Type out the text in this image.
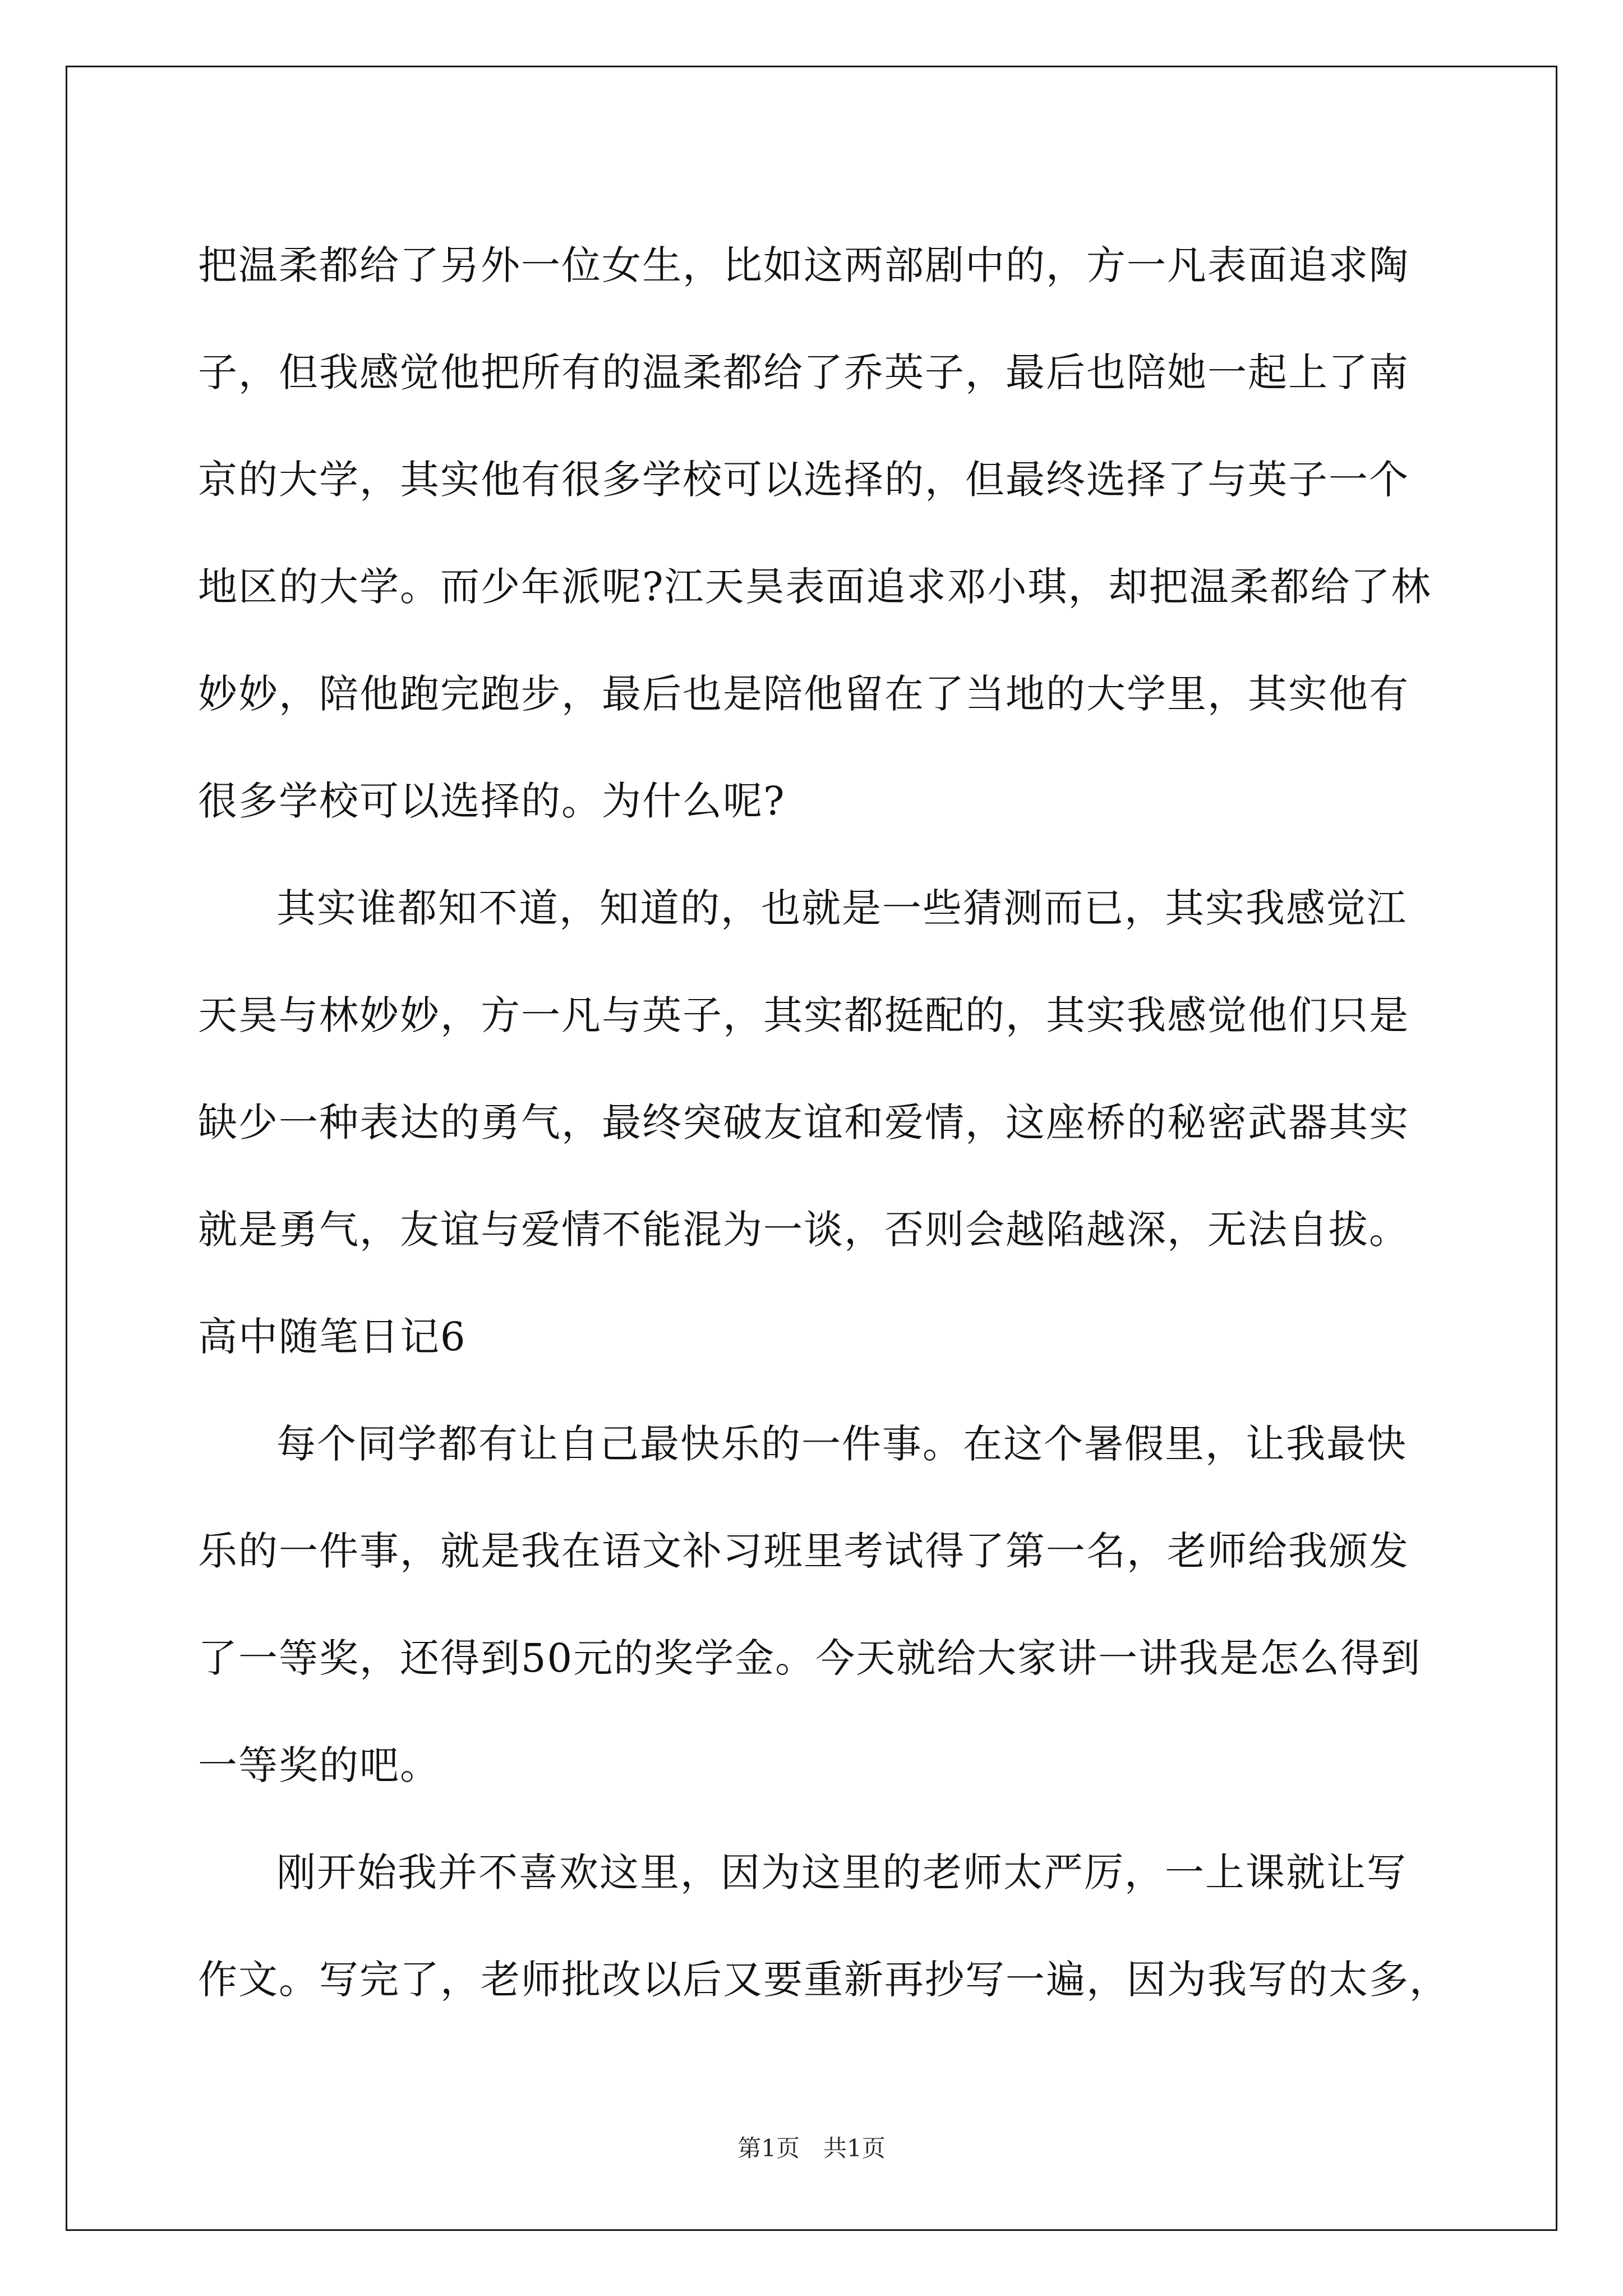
把温柔都给了另外一位女生，比如这两部剧中的，方一凡表面追求陶
子，但我感觉他把所有的温柔都给了乔英子，最后也陪她一起上了南
京的大学，其实他有很多学校可以选择的，但最终选择了与英子一个
地区的大学。而少年派呢?江天昊表面追求邓小琪，却把温柔都给了林
妙妙，陪他跑完跑步，最后也是陪他留在了当地的大学里，其实他有
很多学校可以选择的。为什么呢?
其实谁都知不道，知道的，也就是一些猜测而已，其实我感觉江
天昊与林妙妙，方一凡与英子，其实都挺配的，其实我感觉他们只是
缺少一种表达的勇气，最终突破友谊和爱情，这座桥的秘密武器其实
就是勇气，友谊与爱情不能混为一谈，否则会越陷越深，无法自拔。
高中随笔日记6
每个同学都有让自己最快乐的一件事。在这个暑假里，让我最快
乐的一件事，就是我在语文补习班里考试得了第一名，老师给我颁发
了一等奖，还得到50元的奖学金。今天就给大家讲一讲我是怎么得到
一等奖的吧。
刚开始我并不喜欢这里，因为这里的老师太严厉，一上课就让写
作文。写完了，老师批改以后又要重新再抄写一遍，因为我写的太多，
第1页　共1页
